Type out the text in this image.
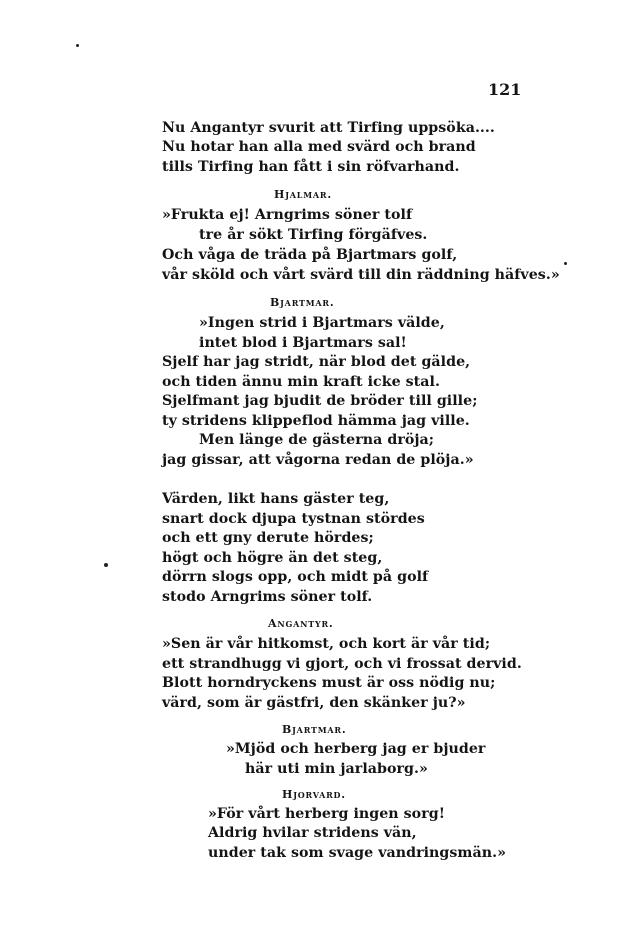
121
Nu Angantyr svurit att Tirfing uppsöka....
Nu hotar han alla med svärd och brand
tills Tirfing han fått i sin röfvarhand.
Hjalmar.
»Frukta ej! Arngrims söner tolf
tre år sökt Tirfing förgäfves.
Och våga de träda på Bjartmars golf,
vår sköld och vårt svärd till din räddning häfves.»
Bjartmar.
»Ingen strid i Bjartmars välde,
intet blod i Bjartmars sal!
Sjelf har jag stridt, när blod det gälde,
och tiden ännu min kraft icke stal.
Sjelfmant jag bjudit de bröder till gille;
ty stridens klippeflod hämma jag ville.
Men länge de gästerna dröja;
jag gissar, att vågorna redan de plöja.»
Värden, likt hans gäster teg,
snart dock djupa tystnan stördes
och ett gny derute hördes;
högt och högre än det steg,
dörrn slogs opp, och midt på golf
stodo Arngrims söner tolf.
Angantyr.
»Sen är vår hitkomst, och kort är vår tid;
ett strandhugg vi gjort, och vi frossat dervid.
Blott horndryckens must är oss nödig nu;
värd, som är gästfri, den skänker ju?»
Bjartmar.
»Mjöd och herberg jag er bjuder
här uti min jarlaborg.»
Hjorvard.
»För vårt herberg ingen sorg!
Aldrig hvilar stridens vän,
under tak som svage vandringsmän.»
